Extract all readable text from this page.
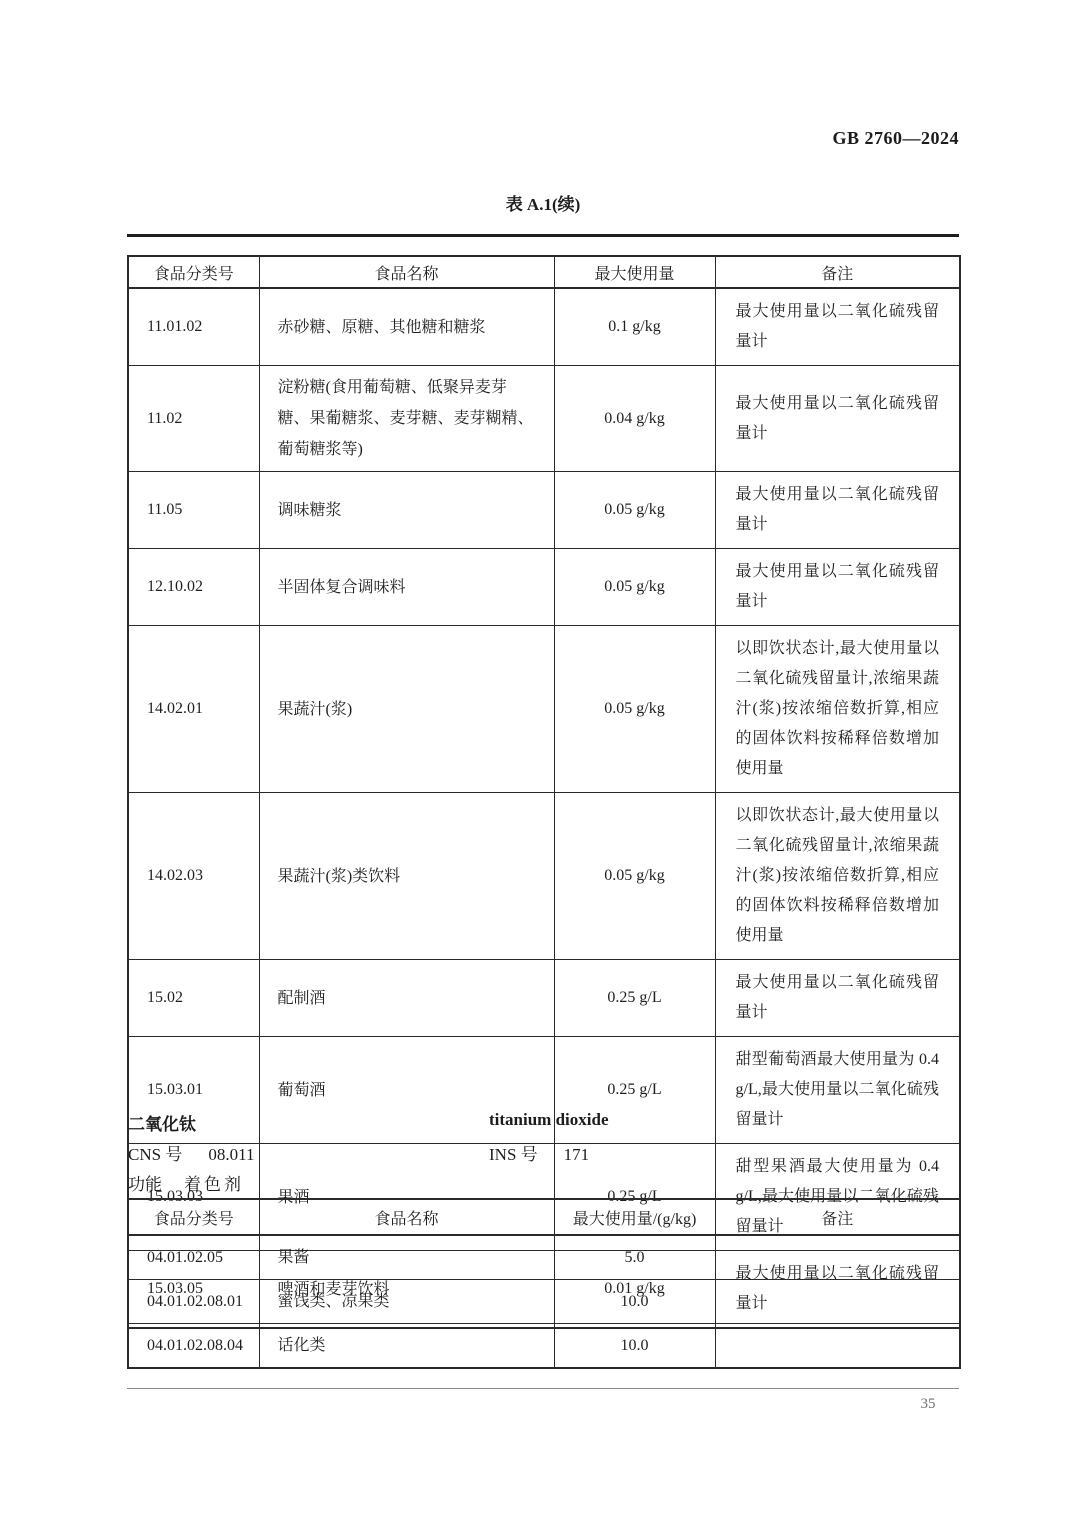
GB 2760—2024
表 A.1(续)
食品分类号	食品名称	最大使用量	备注
11.01.02	赤砂糖、原糖、其他糖和糖浆	0.1 g/kg	最大使用量以二氧化硫残留量计
11.02	淀粉糖(食用葡萄糖、低聚异麦芽糖、果葡糖浆、麦芽糖、麦芽糊精、葡萄糖浆等)	0.04 g/kg	最大使用量以二氧化硫残留量计
11.05	调味糖浆	0.05 g/kg	最大使用量以二氧化硫残留量计
12.10.02	半固体复合调味料	0.05 g/kg	最大使用量以二氧化硫残留量计
14.02.01	果蔬汁(浆)	0.05 g/kg	以即饮状态计,最大使用量以二氧化硫残留量计,浓缩果蔬汁(浆)按浓缩倍数折算,相应的固体饮料按稀释倍数增加使用量
14.02.03	果蔬汁(浆)类饮料	0.05 g/kg	以即饮状态计,最大使用量以二氧化硫残留量计,浓缩果蔬汁(浆)按浓缩倍数折算,相应的固体饮料按稀释倍数增加使用量
15.02	配制酒	0.25 g/L	最大使用量以二氧化硫残留量计
15.03.01	葡萄酒	0.25 g/L	甜型葡萄酒最大使用量为 0.4 g/L,最大使用量以二氧化硫残留量计
15.03.03	果酒	0.25 g/L	甜型果酒最大使用量为 0.4 g/L,最大使用量以二氧化硫残留量计
15.03.05	啤酒和麦芽饮料	0.01 g/kg	最大使用量以二氧化硫残留量计
二氧化钛	titanium dioxide
CNS 号 08.011	INS 号 171
功能 着色剂
食品分类号	食品名称	最大使用量/(g/kg)	备注
04.01.02.05	果酱	5.0	
04.01.02.08.01	蜜饯类、凉果类	10.0	
04.01.02.08.04	话化类	10.0	
35
